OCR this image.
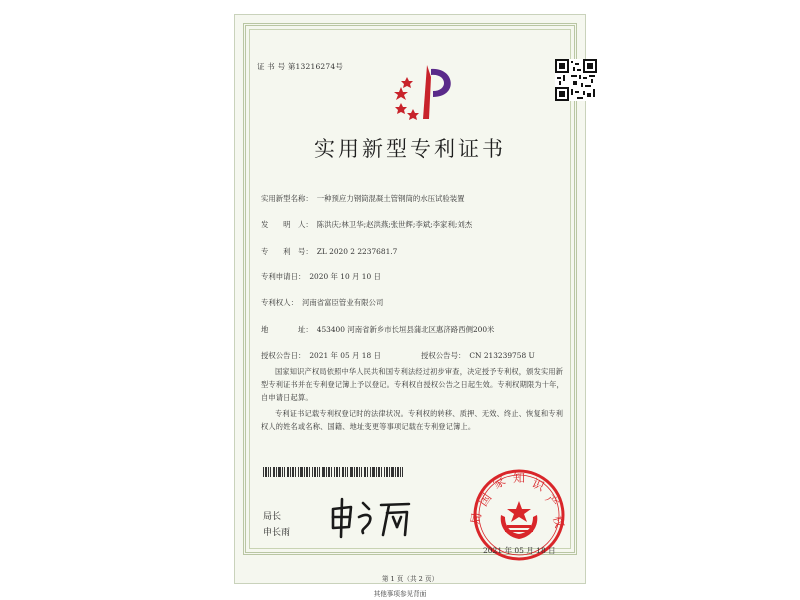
证 书 号 第13216274号
实用新型专利证书
实用新型名称： 一种预应力钢筒混凝土管钢筒的水压试验装置
发　　明　人： 陈洪庆;林卫华;赵洪燕;张世辉;李斌;李家利;刘杰
专　　利　号： ZL 2020 2 2237681.7
专利申请日： 2020 年 10 月 10 日
专利权人： 河南省富臣管业有限公司
地　　　　址： 453400 河南省新乡市长垣县蒲北区惠济路西侧200米
授权公告日： 2021 年 05 月 18 日	授权公告号： CN 213239758 U
国家知识产权局依照中华人民共和国专利法经过初步审查，决定授予专利权，颁发实用新型专利证书并在专利登记簿上予以登记。专利权自授权公告之日起生效。专利权期限为十年，自申请日起算。
专利证书记载专利权登记时的法律状况。专利权的转移、质押、无效、终止、恢复和专利权人的姓名或名称、国籍、地址变更等事项记载在专利登记簿上。
局长
申长雨
国
家 知 识
产
权
局
2021 年 05 月 18 日
第 1 页（共 2 页）
其他事项参见背面
